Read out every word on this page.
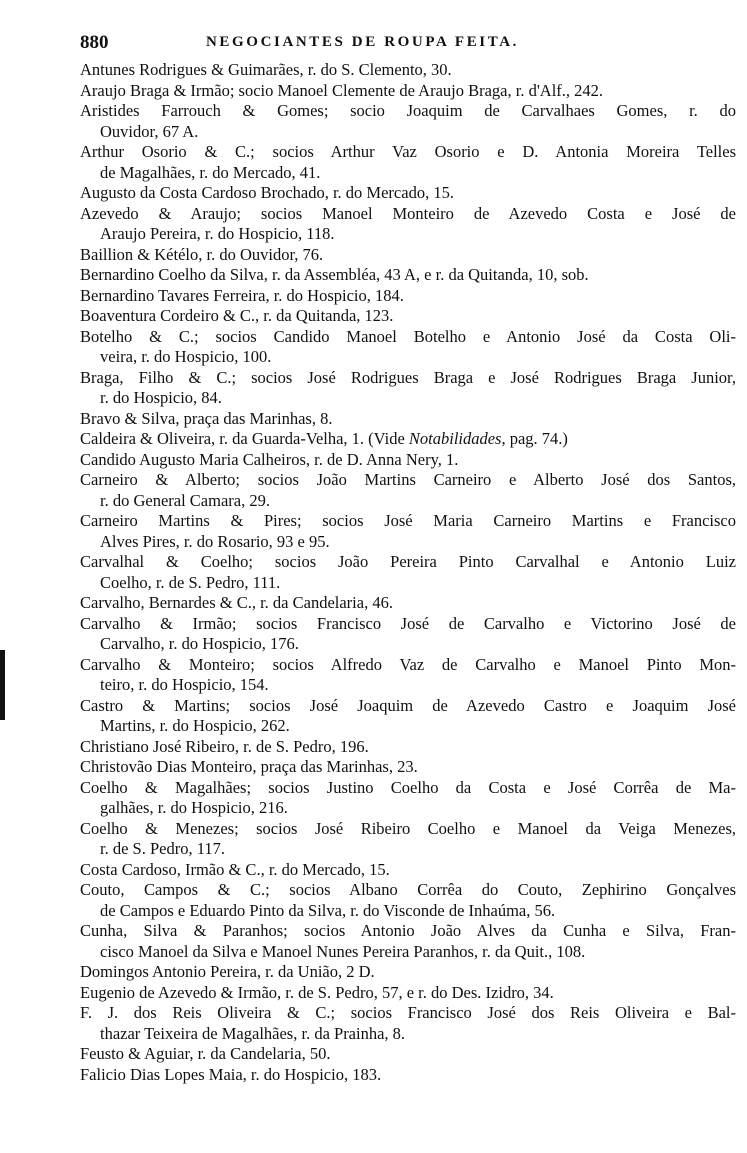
880	NEGOCIANTES DE ROUPA FEITA.
Antunes Rodrigues & Guimarães, r. do S. Clemento, 30.
Araujo Braga & Irmão; socio Manoel Clemente de Araujo Braga, r. d'Alf., 242.
Aristides Farrouch & Gomes; socio Joaquim de Carvalhaes Gomes, r. do
Ouvidor, 67 A.
Arthur Osorio & C.; socios Arthur Vaz Osorio e D. Antonia Moreira Telles
de Magalhães, r. do Mercado, 41.
Augusto da Costa Cardoso Brochado, r. do Mercado, 15.
Azevedo & Araujo; socios Manoel Monteiro de Azevedo Costa e José de
Araujo Pereira, r. do Hospicio, 118.
Baillion & Kétélo, r. do Ouvidor, 76.
Bernardino Coelho da Silva, r. da Assembléa, 43 A, e r. da Quitanda, 10, sob.
Bernardino Tavares Ferreira, r. do Hospicio, 184.
Boaventura Cordeiro & C., r. da Quitanda, 123.
Botelho & C.; socios Candido Manoel Botelho e Antonio José da Costa Oli-
veira, r. do Hospicio, 100.
Braga, Filho & C.; socios José Rodrigues Braga e José Rodrigues Braga Junior,
r. do Hospicio, 84.
Bravo & Silva, praça das Marinhas, 8.
Caldeira & Oliveira, r. da Guarda-Velha, 1. (Vide Notabilidades, pag. 74.)
Candido Augusto Maria Calheiros, r. de D. Anna Nery, 1.
Carneiro & Alberto; socios João Martins Carneiro e Alberto José dos Santos,
r. do General Camara, 29.
Carneiro Martins & Pires; socios José Maria Carneiro Martins e Francisco
Alves Pires, r. do Rosario, 93 e 95.
Carvalhal & Coelho; socios João Pereira Pinto Carvalhal e Antonio Luiz
Coelho, r. de S. Pedro, 111.
Carvalho, Bernardes & C., r. da Candelaria, 46.
Carvalho & Irmão; socios Francisco José de Carvalho e Victorino José de
Carvalho, r. do Hospicio, 176.
Carvalho & Monteiro; socios Alfredo Vaz de Carvalho e Manoel Pinto Mon-
teiro, r. do Hospicio, 154.
Castro & Martins; socios José Joaquim de Azevedo Castro e Joaquim José
Martins, r. do Hospicio, 262.
Christiano José Ribeiro, r. de S. Pedro, 196.
Christovão Dias Monteiro, praça das Marinhas, 23.
Coelho & Magalhães; socios Justino Coelho da Costa e José Corrêa de Ma-
galhães, r. do Hospicio, 216.
Coelho & Menezes; socios José Ribeiro Coelho e Manoel da Veiga Menezes,
r. de S. Pedro, 117.
Costa Cardoso, Irmão & C., r. do Mercado, 15.
Couto, Campos & C.; socios Albano Corrêa do Couto, Zephirino Gonçalves
de Campos e Eduardo Pinto da Silva, r. do Visconde de Inhaúma, 56.
Cunha, Silva & Paranhos; socios Antonio João Alves da Cunha e Silva, Fran-
cisco Manoel da Silva e Manoel Nunes Pereira Paranhos, r. da Quit., 108.
Domingos Antonio Pereira, r. da União, 2 D.
Eugenio de Azevedo & Irmão, r. de S. Pedro, 57, e r. do Des. Izidro, 34.
F. J. dos Reis Oliveira & C.; socios Francisco José dos Reis Oliveira e Bal-
thazar Teixeira de Magalhães, r. da Prainha, 8.
Feusto & Aguiar, r. da Candelaria, 50.
Falicio Dias Lopes Maia, r. do Hospicio, 183.
